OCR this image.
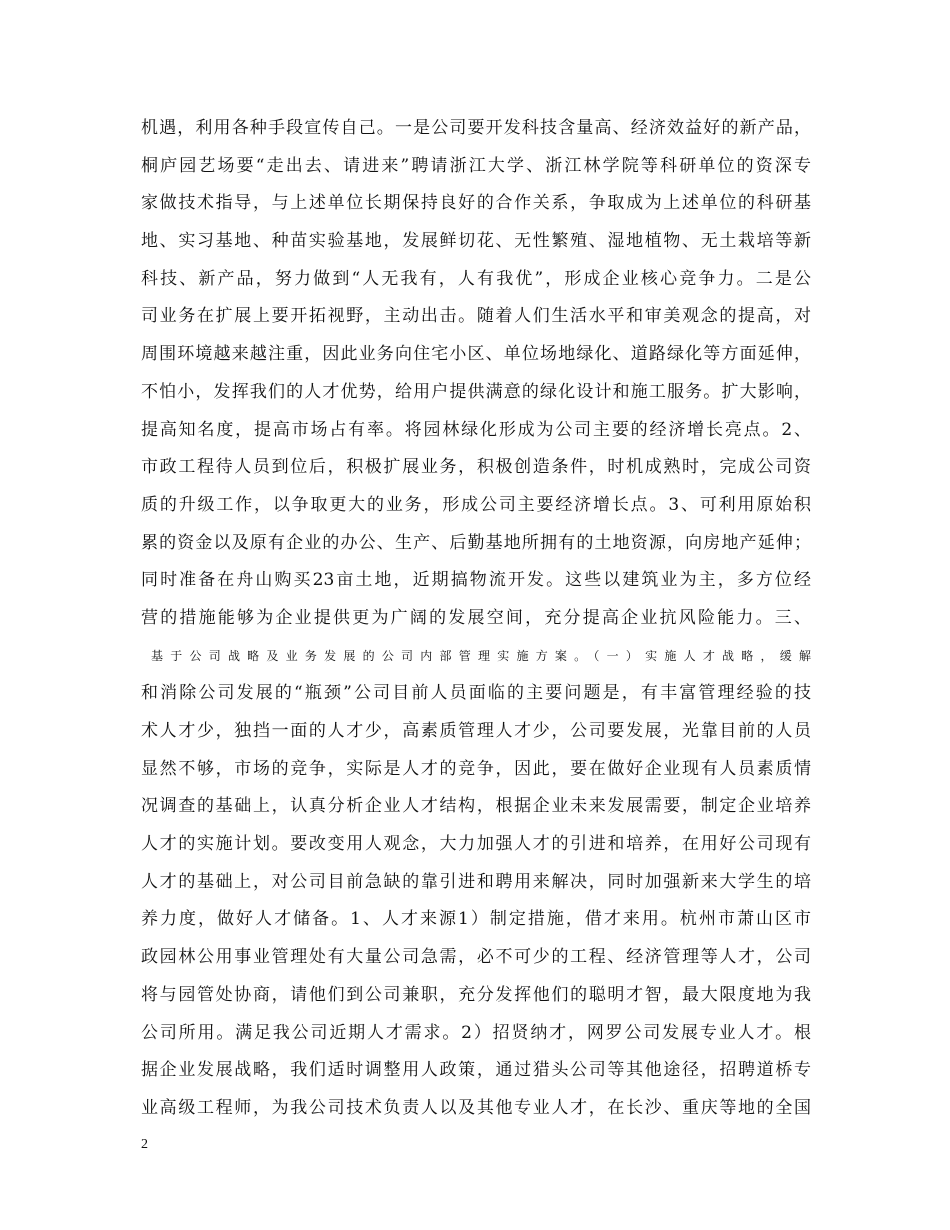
机遇，利用各种手段宣传自己。一是公司要开发科技含量高、经济效益好的新产品，
桐庐园艺场要“走出去、请进来”聘请浙江大学、浙江林学院等科研单位的资深专
家做技术指导，与上述单位长期保持良好的合作关系，争取成为上述单位的科研基
地、实习基地、种苗实验基地，发展鲜切花、无性繁殖、湿地植物、无土栽培等新
科技、新产品，努力做到“人无我有，人有我优”，形成企业核心竞争力。二是公
司业务在扩展上要开拓视野，主动出击。随着人们生活水平和审美观念的提高，对
周围环境越来越注重，因此业务向住宅小区、单位场地绿化、道路绿化等方面延伸，
不怕小，发挥我们的人才优势，给用户提供满意的绿化设计和施工服务。扩大影响，
提高知名度，提高市场占有率。将园林绿化形成为公司主要的经济增长亮点。2、
市政工程待人员到位后，积极扩展业务，积极创造条件，时机成熟时，完成公司资
质的升级工作，以争取更大的业务，形成公司主要经济增长点。3、可利用原始积
累的资金以及原有企业的办公、生产、后勤基地所拥有的土地资源，向房地产延伸；
同时准备在舟山购买23亩土地，近期搞物流开发。这些以建筑业为主，多方位经
营的措施能够为企业提供更为广阔的发展空间，充分提高企业抗风险能力。三、
基于公司战略及业务发展的公司内部管理实施方案。（一）实施人才战略，缓解
和消除公司发展的“瓶颈”公司目前人员面临的主要问题是，有丰富管理经验的技
术人才少，独挡一面的人才少，高素质管理人才少，公司要发展，光靠目前的人员
显然不够，市场的竞争，实际是人才的竞争，因此，要在做好企业现有人员素质情
况调查的基础上，认真分析企业人才结构，根据企业未来发展需要，制定企业培养
人才的实施计划。要改变用人观念，大力加强人才的引进和培养，在用好公司现有
人才的基础上，对公司目前急缺的靠引进和聘用来解决，同时加强新来大学生的培
养力度，做好人才储备。1、人才来源1）制定措施，借才来用。杭州市萧山区市
政园林公用事业管理处有大量公司急需，必不可少的工程、经济管理等人才，公司
将与园管处协商，请他们到公司兼职，充分发挥他们的聪明才智，最大限度地为我
公司所用。满足我公司近期人才需求。2）招贤纳才，网罗公司发展专业人才。根
据企业发展战略，我们适时调整用人政策，通过猎头公司等其他途径，招聘道桥专
业高级工程师，为我公司技术负责人以及其他专业人才，在长沙、重庆等地的全国
2
